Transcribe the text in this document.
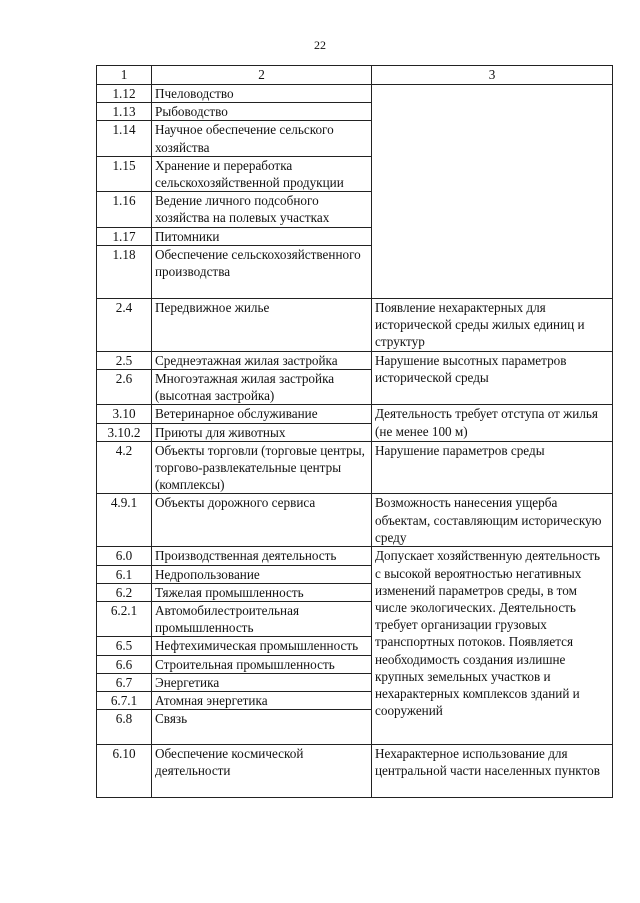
22
1	2	3
1.12	Пчеловодство	
1.13	Рыбоводство	
1.14	Научное обеспечение сельского хозяйства	
1.15	Хранение и переработка сельскохозяйственной продукции	
1.16	Ведение личного подсобного хозяйства на полевых участках	
1.17	Питомники	
1.18	Обеспечение сельскохозяйственного производства	
2.4	Передвижное жилье	Появление нехарактерных для исторической среды жилых единиц и структур
2.5	Среднеэтажная жилая застройка	Нарушение высотных параметров исторической среды
2.6	Многоэтажная жилая застройка (высотная застройка)	
3.10	Ветеринарное обслуживание	Деятельность требует отступа от жилья (не менее 100 м)
3.10.2	Приюты для животных	
4.2	Объекты торговли (торговые центры, торгово-развлекательные центры (комплексы)	Нарушение параметров среды
4.9.1	Объекты дорожного сервиса	Возможность нанесения ущерба объектам, составляющим историческую среду
6.0	Производственная деятельность	Допускает хозяйственную деятельность с высокой вероятностью негативных изменений параметров среды, в том числе экологических. Деятельность требует организации грузовых транспортных потоков. Появляется необходимость создания излишне крупных земельных участков и нехарактерных комплексов зданий и сооружений
6.1	Недропользование	
6.2	Тяжелая промышленность	
6.2.1	Автомобилестроительная промышленность	
6.5	Нефтехимическая промышленность	
6.6	Строительная промышленность	
6.7	Энергетика	
6.7.1	Атомная энергетика	
6.8	Связь	
6.10	Обеспечение космической деятельности	Нехарактерное использование для центральной части населенных пунктов
